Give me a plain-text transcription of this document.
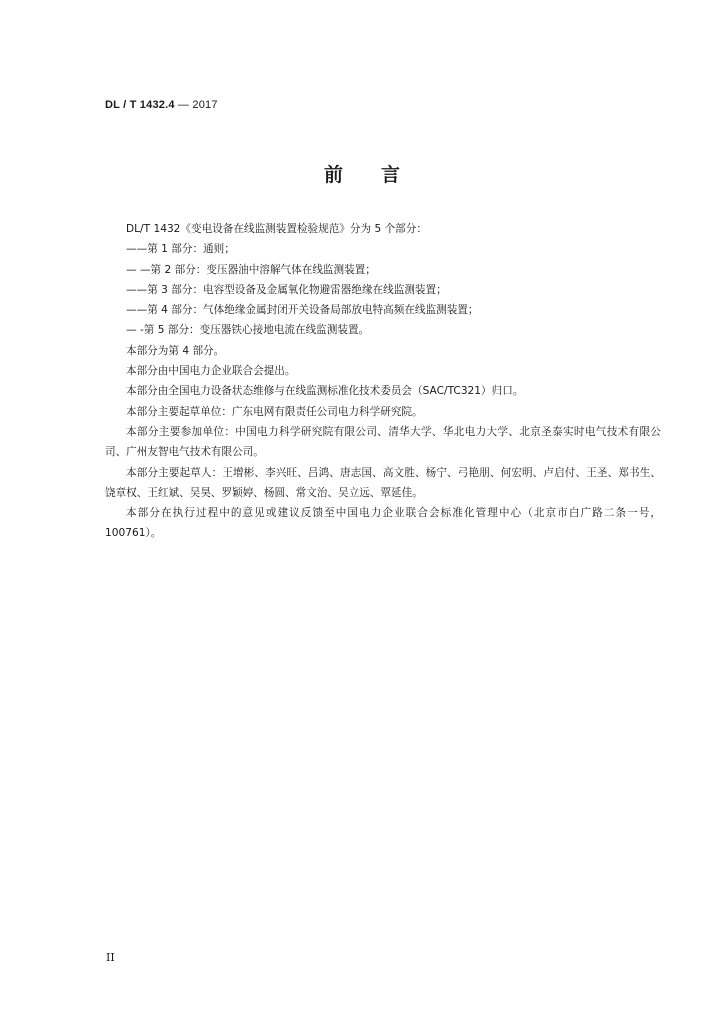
DL / T 1432.4 — 2017
前言

DL/T 1432《变电设备在线监测装置检验规范》分为 5 个部分：

——第 1 部分：通则；

— —第 2 部分：变压器油中溶解气体在线监测装置；

——第 3 部分：电容型设备及金属氧化物避雷器绝缘在线监测装置；

——第 4 部分：气体绝缘金属封闭开关设备局部放电特高频在线监测装置；

— -第 5 部分：变压器铁心接地电流在线监测装置。

本部分为第 4 部分。

本部分由中国电力企业联合会提出。

本部分由全国电力设备状态维修与在线监测标准化技术委员会（SAC/TC321）归口。

本部分主要起草单位：广东电网有限责任公司电力科学研究院。

本部分主要参加单位：中国电力科学研究院有限公司、清华大学、华北电力大学、北京圣泰实时电气技术有限公司、广州友智电气技术有限公司。

本部分主要起草人：王增彬、李兴旺、吕鸿、唐志国、高文胜、杨宁、弓艳朋、何宏明、卢启付、王圣、郑书生、饶章权、王红斌、吴昊、罗颖婷、杨圆、常文治、吴立远、覃延佳。

本部分在执行过程中的意见或建议反馈至中国电力企业联合会标准化管理中心（北京市白广路二条一号，100761）。

II
